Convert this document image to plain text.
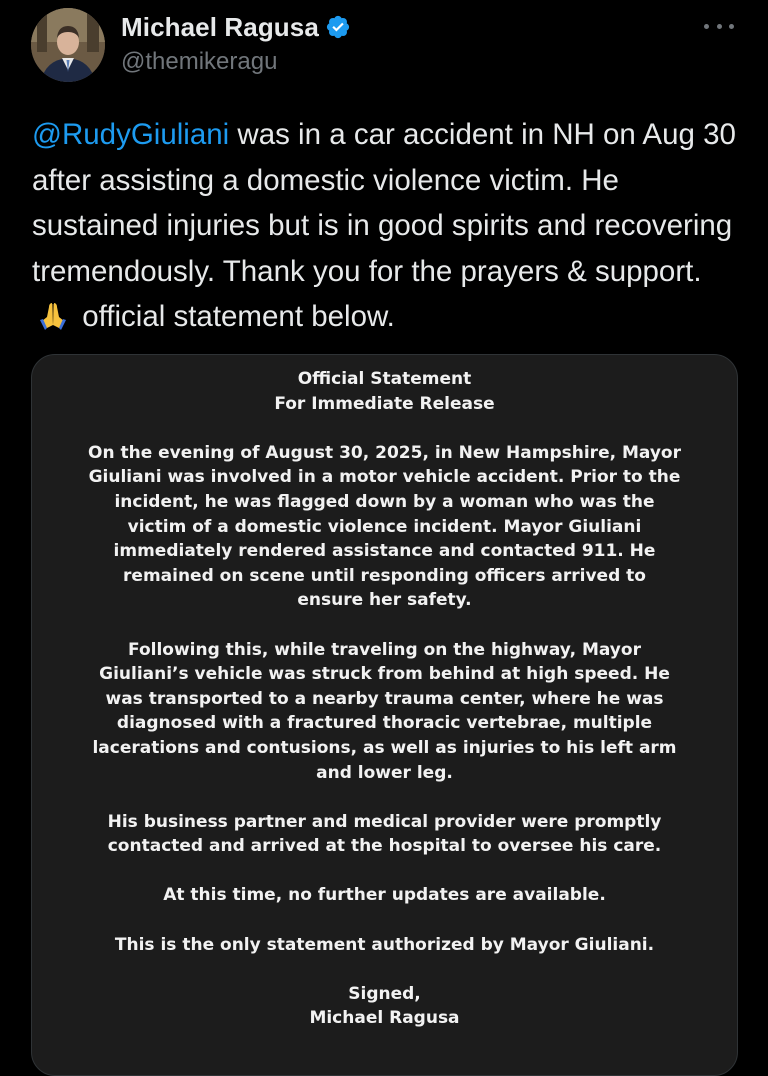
Michael Ragusa
@themikeragu
@RudyGiuliani was in a car accident in NH on Aug 30 after assisting a domestic violence victim. He sustained injuries but is in good spirits and recovering tremendously. Thank you for the prayers & support.  official statement below.

Official Statement

For Immediate Release

On the evening of August 30, 2025, in New Hampshire, Mayor
Giuliani was involved in a motor vehicle accident. Prior to the
incident, he was flagged down by a woman who was the
victim of a domestic violence incident. Mayor Giuliani
immediately rendered assistance and contacted 911. He
remained on scene until responding officers arrived to
ensure her safety.

Following this, while traveling on the highway, Mayor
Giuliani’s vehicle was struck from behind at high speed. He
was transported to a nearby trauma center, where he was
diagnosed with a fractured thoracic vertebrae, multiple
lacerations and contusions, as well as injuries to his left arm
and lower leg.

His business partner and medical provider were promptly
contacted and arrived at the hospital to oversee his care.

At this time, no further updates are available.

This is the only statement authorized by Mayor Giuliani.

Signed,

Michael Ragusa
